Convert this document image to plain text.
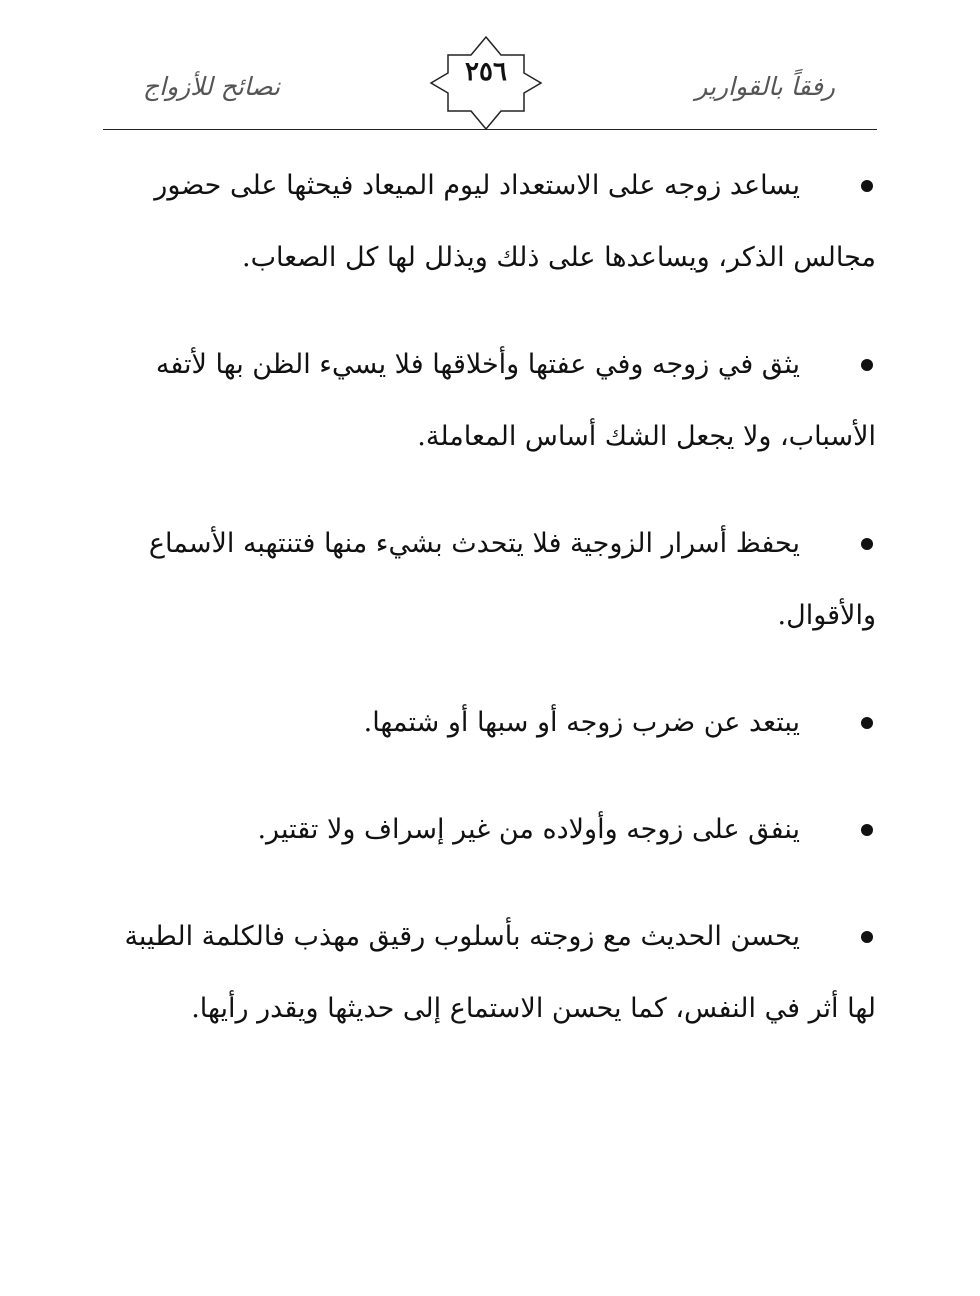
رفقاً بالقوارير
٢٥٦
نصائح للأزواج
يساعد زوجه على الاستعداد ليوم الميعاد فيحثها على حضور
مجالس الذكر، ويساعدها على ذلك ويذلل لها كل الصعاب.
يثق في زوجه وفي عفتها وأخلاقها فلا يسيء الظن بها لأتفه
الأسباب، ولا يجعل الشك أساس المعاملة.
يحفظ أسرار الزوجية فلا يتحدث بشيء منها فتنتهبه الأسماع
والأقوال.
يبتعد عن ضرب زوجه أو سبها أو شتمها.
ينفق على زوجه وأولاده من غير إسراف ولا تقتير.
يحسن الحديث مع زوجته بأسلوب رقيق مهذب فالكلمة الطيبة
لها أثر في النفس، كما يحسن الاستماع إلى حديثها ويقدر رأيها.
